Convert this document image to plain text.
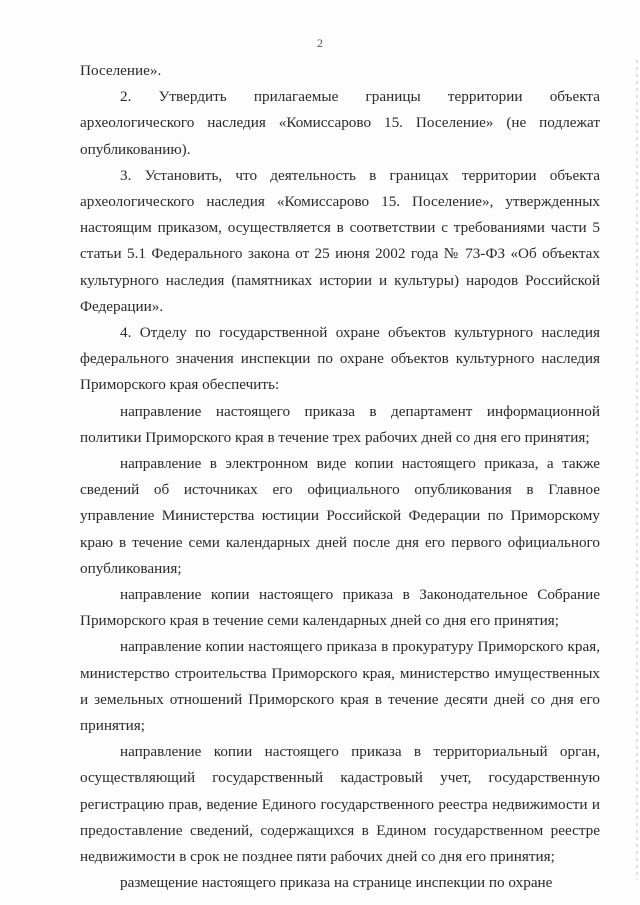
2

Поселение».

2. Утвердить прилагаемые границы территории объекта археологического наследия «Комиссарово 15. Поселение» (не подлежат опубликованию).

3. Установить, что деятельность в границах территории объекта археологического наследия «Комиссарово 15. Поселение», утвержденных настоящим приказом, осуществляется в соответствии с требованиями части 5 статьи 5.1 Федерального закона от 25 июня 2002 года № 73-ФЗ «Об объектах культурного наследия (памятниках истории и культуры) народов Российской Федерации».

4. Отделу по государственной охране объектов культурного наследия федерального значения инспекции по охране объектов культурного наследия Приморского края обеспечить:

направление настоящего приказа в департамент информационной политики Приморского края в течение трех рабочих дней со дня его принятия;

направление в электронном виде копии настоящего приказа, а также сведений об источниках его официального опубликования в Главное управление Министерства юстиции Российской Федерации по Приморскому краю в течение семи календарных дней после дня его первого официального опубликования;

направление копии настоящего приказа в Законодательное Собрание Приморского края в течение семи календарных дней со дня его принятия;

направление копии настоящего приказа в прокуратуру Приморского края, министерство строительства Приморского края, министерство имущественных и земельных отношений Приморского края в течение десяти дней со дня его принятия;

направление копии настоящего приказа в территориальный орган, осуществляющий государственный кадастровый учет, государственную регистрацию прав, ведение Единого государственного реестра недвижимости и предоставление сведений, содержащихся в Едином государственном реестре недвижимости в срок не позднее пяти рабочих дней со дня его принятия;

размещение настоящего приказа на странице инспекции по охране
